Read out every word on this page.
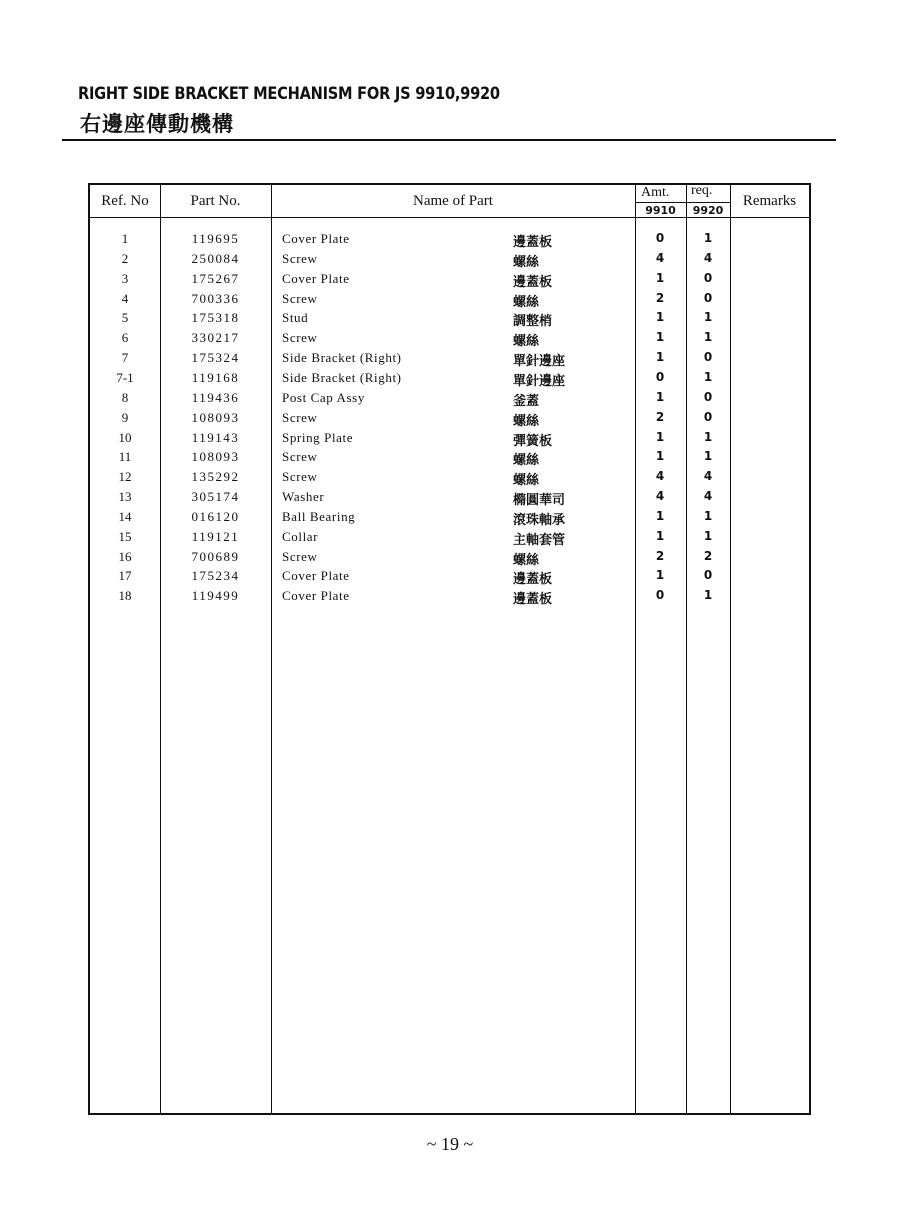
RIGHT SIDE BRACKET MECHANISM FOR JS 9910,9920
右邊座傳動機構
Ref. No	Part No.	Name of Part
Amt. req.
9910	9920
Remarks
1	119695	Cover Plate	邊蓋板	0	1
2	250084	Screw	螺絲	4	4
3	175267	Cover Plate	邊蓋板	1	0
4	700336	Screw	螺絲	2	0
5	175318	Stud	調整梢	1	1
6	330217	Screw	螺絲	1	1
7	175324	Side Bracket (Right)	單針邊座	1	0
7-1	119168	Side Bracket (Right)	單針邊座	0	1
8	119436	Post Cap Assy	釜蓋	1	0
9	108093	Screw	螺絲	2	0
10	119143	Spring Plate	彈簧板	1	1
11	108093	Screw	螺絲	1	1
12	135292	Screw	螺絲	4	4
13	305174	Washer	橢圓華司	4	4
14	016120	Ball Bearing	滾珠軸承	1	1
15	119121	Collar	主軸套管	1	1
16	700689	Screw	螺絲	2	2
17	175234	Cover Plate	邊蓋板	1	0
18	119499	Cover Plate	邊蓋板	0	1
~ 19 ~
